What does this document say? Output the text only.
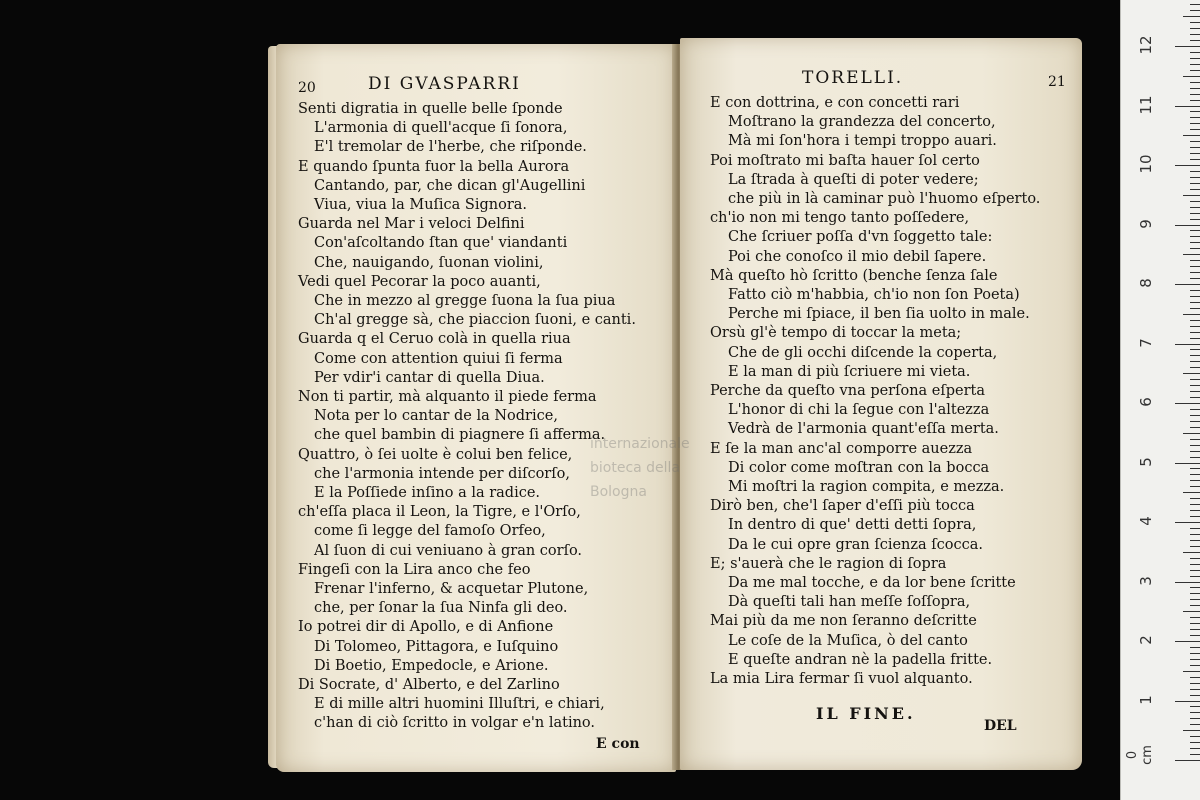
20	DI GVASPARRI
Senti digratia in quelle belle ſponde
L'armonia di quell'acque ſi ſonora,
E'l tremolar de l'herbe, che riſponde.
E quando ſpunta fuor la bella Aurora
Cantando, par, che dican gl'Augellini
Viua, viua la Muſica Signora.
Guarda nel Mar i veloci Delfini
Con'aſcoltando ſtan que' viandanti
Che, nauigando, ſuonan violini,
Vedi quel Pecorar la poco auanti,
Che in mezzo al gregge ſuona la ſua piua
Ch'al gregge sà, che piaccion ſuoni, e canti.
Guarda q el Ceruo colà in quella riua
Come con attention quiui ſi ferma
Per vdir'i cantar di quella Diua.
Non ti partir, mà alquanto il piede ferma
Nota per lo cantar de la Nodrice,
che quel bambin di piagnere ſi afferma.
Quattro, ò ſei uolte è colui ben felice,
che l'armonia intende per diſcorſo,
E la Poſſiede inſino a la radice.
ch'eſſa placa il Leon, la Tigre, e l'Orſo,
come ſi legge del famoſo Orfeo,
Al ſuon di cui veniuano à gran corſo.
Fingeſi con la Lira anco che feo
Frenar l'inferno, & acquetar Plutone,
che, per ſonar la ſua Ninfa gli deo.
Io potrei dir di Apollo, e di Anfione
Di Tolomeo, Pittagora, e Iuſquino
Di Boetio, Empedocle, e Arione.
Di Socrate, d' Alberto, e del Zarlino
E di mille altri huomini Illuſtri, e chiari,
c'han di ciò ſcritto in volgar e'n latino.
E con
TORELLI.	21
E con dottrina, e con concetti rari
Moſtrano la grandezza del concerto,
Mà mi ſon'hora i tempi troppo auari.
Poi moſtrato mi baſta hauer ſol certo
La ſtrada à queſti di poter vedere;
che più in là caminar può l'huomo eſperto.
ch'io non mi tengo tanto poſſedere,
Che ſcriuer poſſa d'vn ſoggetto tale:
Poi che conoſco il mio debil ſapere.
Mà queſto hò ſcritto (benche ſenza ſale
Fatto ciò m'habbia, ch'io non ſon Poeta)
Perche mi ſpiace, il ben ſia uolto in male.
Orsù gl'è tempo di toccar la meta;
Che de gli occhi diſcende la coperta,
E la man di più ſcriuere mi vieta.
Perche da queſto vna perſona eſperta
L'honor di chi la ſegue con l'altezza
Vedrà de l'armonia quant'eſſa merta.
E ſe la man anc'al comporre auezza
Di color come moſtran con la bocca
Mi moſtri la ragion compita, e mezza.
Dirò ben, che'l ſaper d'eſſi più tocca
In dentro di que' detti detti ſopra,
Da le cui opre gran ſcienza ſcocca.
E; s'auerà che le ragion di ſopra
Da me mal tocche, e da lor bene ſcritte
Dà queſti tali han meſſe ſoſſopra,
Mai più da me non ſeranno deſcritte
Le coſe de la Muſica, ò del canto
E queſte andran nè la padella fritte.
La mia Lira fermar ſi vuol alquanto.
IL FINE.
DEL
internazionale
bioteca della
Bologna
0 cm
1
2
3
4
5
6
7
8
9
10
11
12
